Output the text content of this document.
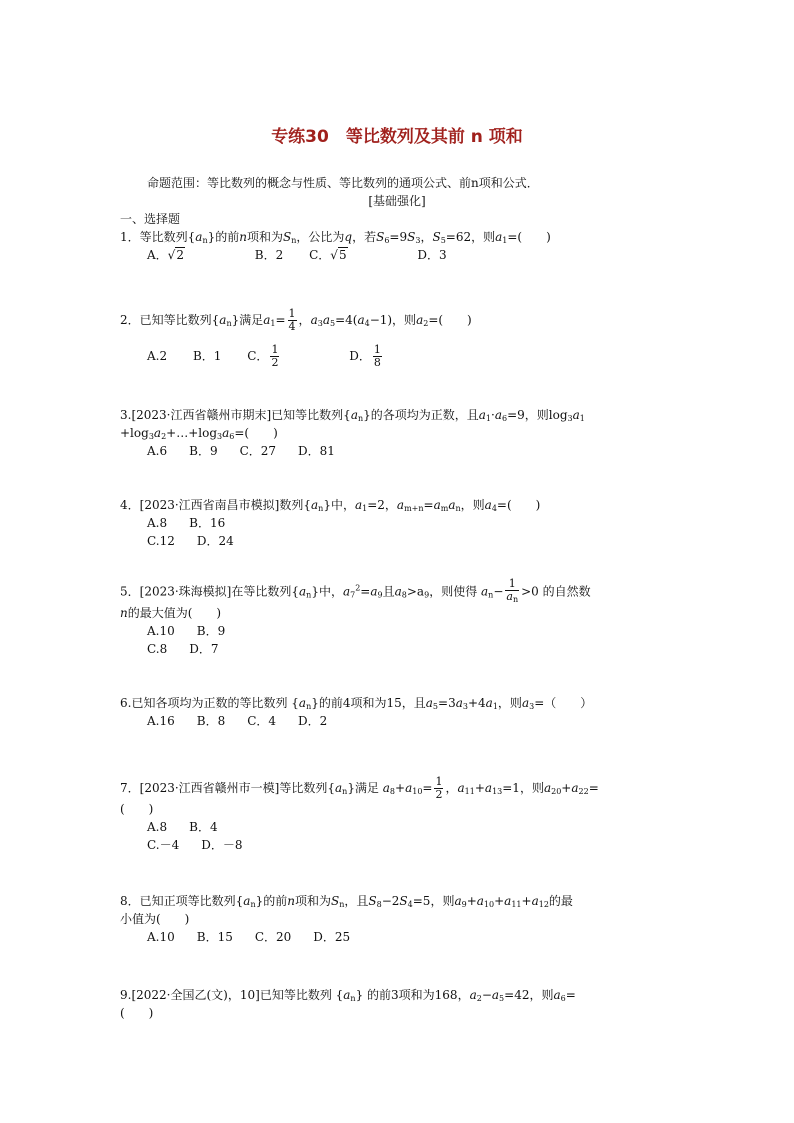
专练30　等比数列及其前 n 项和
命题范围：等比数列的概念与性质、等比数列的通项公式、前n项和公式．
[基础强化]
一、选择题
1．等比数列$\{a_n\}$的前n项和为$S_n$，公比为q，若$S_6=9S_3$，$S_5=62$，则$a_1=$(　　)
A．√2	B．2 C．√5	D．3
2．已知等比数列$\{a_n\}$满足$a_1= \frac{1}{4}$ ，$a_3a_5=4(a_4-1)$，则$a_2=$(　　)
A.2 B．1 C． $\frac{1}{2}$	D． $\frac{1}{8}$
3.[2023·江西省赣州市期末]已知等比数列$\{a_n\}$的各项均为正数，且$a_1\cdot a_6=9$，则$\log_3a_1$
$+\log_3a_2+\dots+\log_3a_6=$(　　)
A.6 B．9 C．27 D．81
4．[2023·江西省南昌市模拟]数列$\{a_n\}$中，$a_1=2$，$a_{m+n}=a_ma_n$，则$a_4=$(　　)
A.8 B．16
C.12 D．24
5．[2023·珠海模拟]在等比数列$\{a_n\}$中，$a_7^2=a_9$且$a_8>a_9$，则使得 $a_n- \frac{1}{a_n} >0$ 的自然数
n的最大值为(　　)
A.10 B．9
C.8 D．7
6.已知各项均为正数的等比数列 $\{a_n\}$的前4项和为15，且$a_5=3a_3+4a_1$，则$a_3=$（　　）
A.16 B．8 C．4 D．2
7．[2023·江西省赣州市一模]等比数列$\{a_n\}$满足 $a_8+a_{10}= \frac{1}{2}$ ，$a_{11}+a_{13}=1$，则$a_{20}+a_{22}=$
(　　)
A.8 B．4
C.－4 D．－8
8．已知正项等比数列$\{a_n\}$的前n项和为$S_n$，且$S_8-2S_4=5$，则$a_9+a_{10}+a_{11}+a_{12}$的最
小值为(　　)
A.10 B．15 C．20 D．25
9.[2022·全国乙(文)，10]已知等比数列 $\{a_n\}$ 的前3项和为168，$a_2-a_5=42$，则$a_6=$
(　　)
